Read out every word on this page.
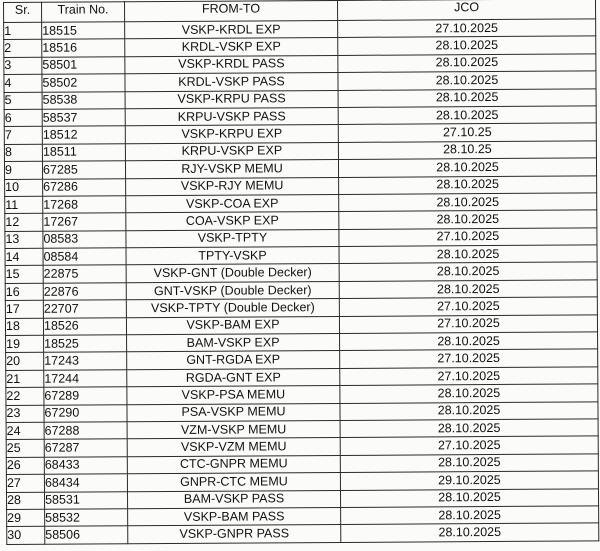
Sr.	Train No.	FROM-TO	JCO
1	18515	VSKP-KRDL EXP	27.10.2025
2	18516	KRDL-VSKP EXP	28.10.2025
3	58501	VSKP-KRDL PASS	28.10.2025
4	58502	KRDL-VSKP PASS	28.10.2025
5	58538	VSKP-KRPU PASS	28.10.2025
6	58537	KRPU-VSKP PASS	28.10.2025
7	18512	VSKP-KRPU EXP	27.10.25
8	18511	KRPU-VSKP EXP	28.10.25
9	67285	RJY-VSKP MEMU	28.10.2025
10	67286	VSKP-RJY MEMU	28.10.2025
11	17268	VSKP-COA EXP	28.10.2025
12	17267	COA-VSKP EXP	28.10.2025
13	08583	VSKP-TPTY	27.10.2025
14	08584	TPTY-VSKP	28.10.2025
15	22875	VSKP-GNT (Double Decker)	28.10.2025
16	22876	GNT-VSKP (Double Decker)	28.10.2025
17	22707	VSKP-TPTY (Double Decker)	27.10.2025
18	18526	VSKP-BAM EXP	27.10.2025
19	18525	BAM-VSKP EXP	28.10.2025
20	17243	GNT-RGDA EXP	27.10.2025
21	17244	RGDA-GNT EXP	27.10.2025
22	67289	VSKP-PSA MEMU	28.10.2025
23	67290	PSA-VSKP MEMU	28.10.2025
24	67288	VZM-VSKP MEMU	28.10.2025
25	67287	VSKP-VZM MEMU	27.10.2025
26	68433	CTC-GNPR MEMU	28.10.2025
27	68434	GNPR-CTC MEMU	29.10.2025
28	58531	BAM-VSKP PASS	28.10.2025
29	58532	VSKP-BAM PASS	28.10.2025
30	58506	VSKP-GNPR PASS	28.10.2025
